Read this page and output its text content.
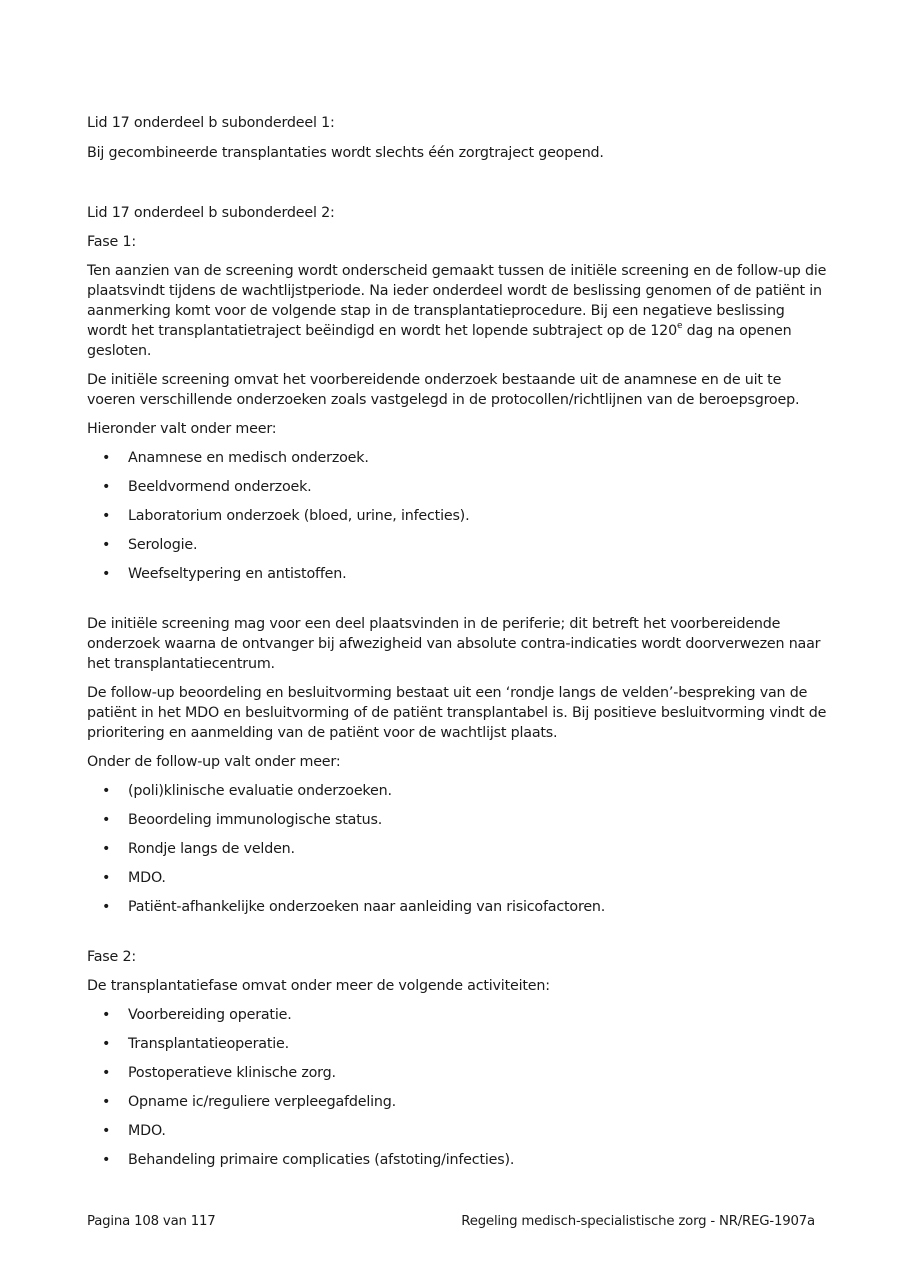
Lid 17 onderdeel b subonderdeel 1:

Bij gecombineerde transplantaties wordt slechts één zorgtraject geopend.

Lid 17 onderdeel b subonderdeel 2:

Fase 1:

Ten aanzien van de screening wordt onderscheid gemaakt tussen de initiële screening en de follow-up die plaatsvindt tijdens de wachtlijstperiode. Na ieder onderdeel wordt de beslissing genomen of de patiënt in aanmerking komt voor de volgende stap in de transplantatieprocedure. Bij een negatieve beslissing wordt het transplantatietraject beëindigd en wordt het lopende subtraject op de 120e dag na openen gesloten.

De initiële screening omvat het voorbereidende onderzoek bestaande uit de anamnese en de uit te voeren verschillende onderzoeken zoals vastgelegd in de protocollen/richtlijnen van de beroepsgroep.

Hieronder valt onder meer:

• Anamnese en medisch onderzoek.
• Beeldvormend onderzoek.
• Laboratorium onderzoek (bloed, urine, infecties).
• Serologie.
• Weefseltypering en antistoffen.

De initiële screening mag voor een deel plaatsvinden in de periferie; dit betreft het voorbereidende onderzoek waarna de ontvanger bij afwezigheid van absolute contra-indicaties wordt doorverwezen naar het transplantatiecentrum.

De follow-up beoordeling en besluitvorming bestaat uit een ‘rondje langs de velden’-bespreking van de patiënt in het MDO en besluitvorming of de patiënt transplantabel is. Bij positieve besluitvorming vindt de prioritering en aanmelding van de patiënt voor de wachtlijst plaats.

Onder de follow-up valt onder meer:

• (poli)klinische evaluatie onderzoeken.
• Beoordeling immunologische status.
• Rondje langs de velden.
• MDO.
• Patiënt-afhankelijke onderzoeken naar aanleiding van risicofactoren.

Fase 2:

De transplantatiefase omvat onder meer de volgende activiteiten:

• Voorbereiding operatie.
• Transplantatieoperatie.
• Postoperatieve klinische zorg.
• Opname ic/reguliere verpleegafdeling.
• MDO.
• Behandeling primaire complicaties (afstoting/infecties).
Pagina 108 van 117	Regeling medisch-specialistische zorg - NR/REG-1907a
